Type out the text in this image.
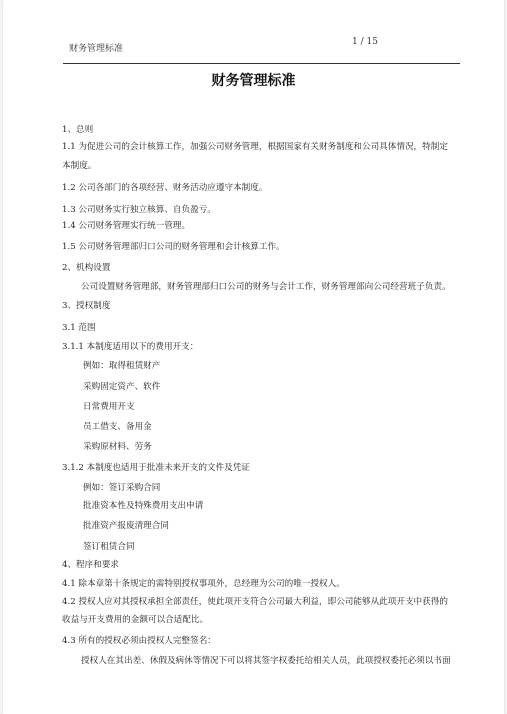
财务管理标准
1 / 15
财务管理标准
1、总则
1.1 为促进公司的会计核算工作，加强公司财务管理，根据国家有关财务制度和公司具体情况，特制定
本制度。
1.2 公司各部门的各项经营、财务活动应遵守本制度。
1.3 公司财务实行独立核算、自负盈亏。
1.4 公司财务管理实行统一管理。
1.5 公司财务管理部归口公司的财务管理和会计核算工作。
2、机构设置
公司设置财务管理部，财务管理部归口公司的财务与会计工作，财务管理部向公司经营班子负责。
3、授权制度
3.1 范围
3.1.1 本制度适用以下的费用开支：
例如：取得租赁财产
采购固定资产、软件
日常费用开支
员工借支、备用金
采购原材料、劳务
3.1.2 本制度也适用于批准未来开支的文件及凭证
例如：签订采购合同
批准资本性及特殊费用支出申请
批准资产报废清理合同
签订租赁合同
4、程序和要求
4.1 除本章第十条规定的需特别授权事项外，总经理为公司的唯一授权人。
4.2 授权人应对其授权承担全部责任，使此项开支符合公司最大利益，即公司能够从此项开支中获得的
收益与开支费用的金额可以合适配比。
4.3 所有的授权必须由授权人完整签名：
授权人在其出差、休假及病休等情况下可以将其签字权委托给相关人员，此项授权委托必须以书面
